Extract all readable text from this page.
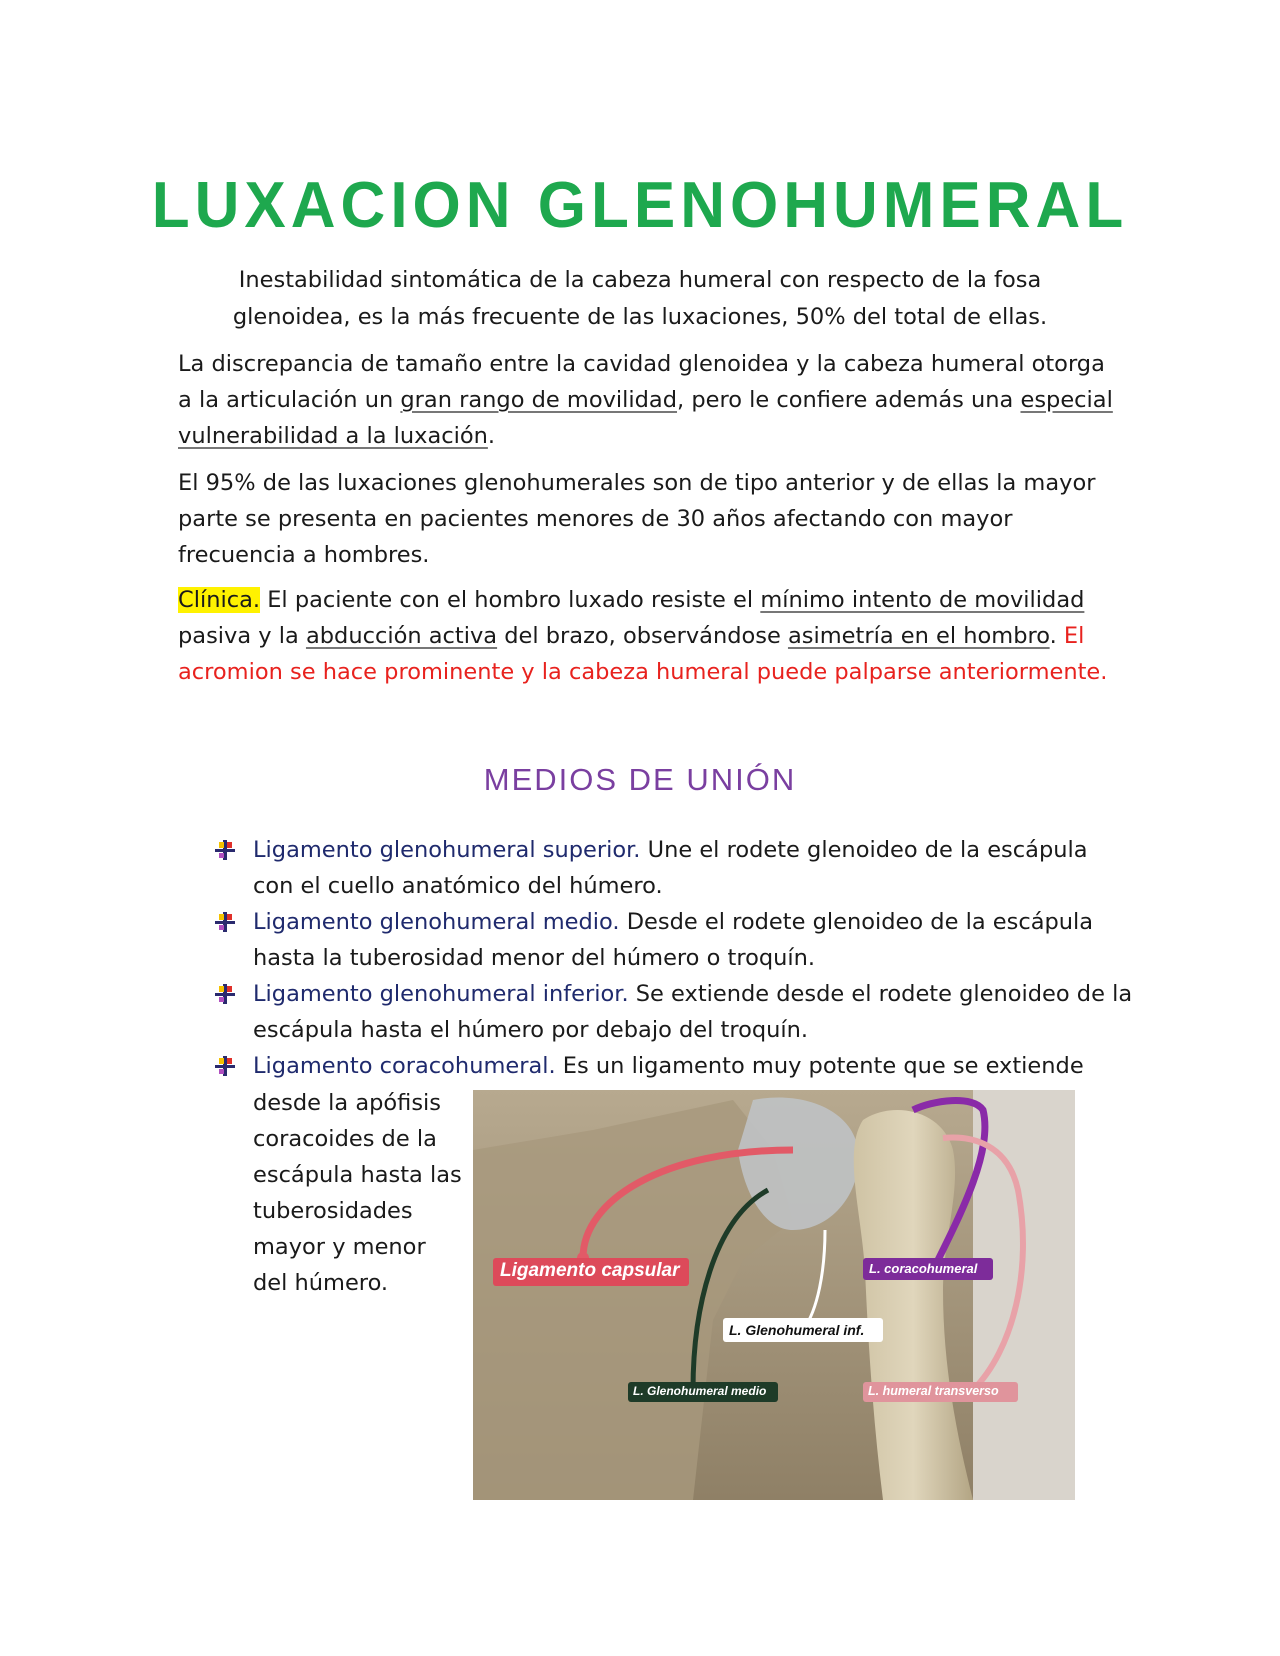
LUXACION GLENOHUMERAL
Inestabilidad sintomática de la cabeza humeral con respecto de la fosa
glenoidea, es la más frecuente de las luxaciones, 50% del total de ellas.
La discrepancia de tamaño entre la cavidad glenoidea y la cabeza humeral otorga a la articulación un gran rango de movilidad, pero le confiere además una especial vulnerabilidad a la luxación.
El 95% de las luxaciones glenohumerales son de tipo anterior y de ellas la mayor parte se presenta en pacientes menores de 30 años afectando con mayor frecuencia a hombres.
Clínica. El paciente con el hombro luxado resiste el mínimo intento de movilidad pasiva y la abducción activa del brazo, observándose asimetría en el hombro. El acromion se hace prominente y la cabeza humeral puede palparse anteriormente.
MEDIOS DE UNIÓN
Ligamento glenohumeral superior. Une el rodete glenoideo de la escápula con el cuello anatómico del húmero.
Ligamento glenohumeral medio. Desde el rodete glenoideo de la escápula hasta la tuberosidad menor del húmero o troquín.
Ligamento glenohumeral inferior. Se extiende desde el rodete glenoideo de la escápula hasta el húmero por debajo del troquín.
Ligamento coracohumeral. Es un ligamento muy potente que se extiende
desde la apófisis coracoides de la escápula hasta las tuberosidades mayor y menor del húmero.	Ligamento capsular	L. coracohumeral
L. Glenohumeral inf.
L. Glenohumeral medio	L. humeral transverso
